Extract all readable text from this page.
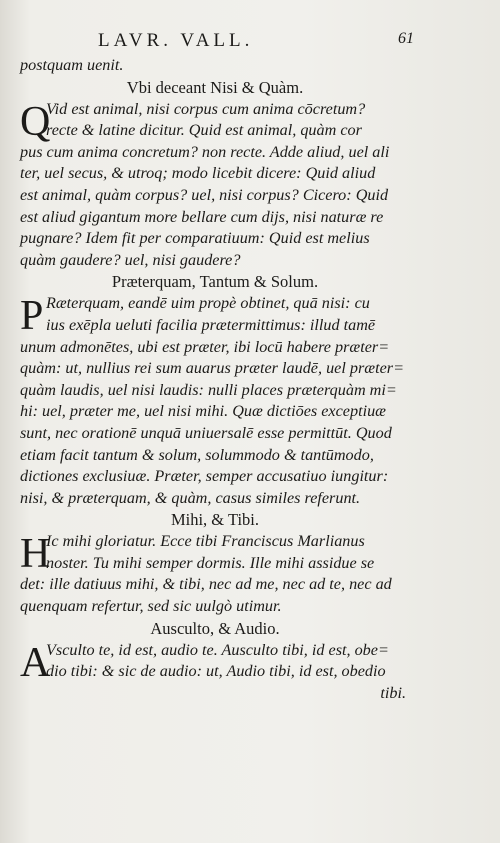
LAVR. VALL.	61
postquam uenit.
Vbi deceant Nisi & Quàm.
Q
Vid est animal, nisi corpus cum anima cōcretum?
recte & latine dicitur. Quid est animal, quàm cor
pus cum anima concretum? non recte. Adde aliud, uel ali
ter, uel secus, & utroq; modo licebit dicere: Quid aliud
est animal, quàm corpus? uel, nisi corpus? Cicero: Quid
est aliud gigantum more bellare cum dijs, nisi naturæ re
pugnare? Idem fit per comparatiuum: Quid est melius
quàm gaudere? uel, nisi gaudere?
Præterquam, Tantum & Solum.
P Ræterquam, eandē uim propè obtinet, quā nisi: cu
ius exēpla ueluti facilia prætermittimus: illud tamē
unum admonētes, ubi est præter, ibi locū habere præter=
quàm: ut, nullius rei sum auarus præter laudē, uel præter=
quàm laudis, uel nisi laudis: nulli places præterquàm mi=
hi: uel, præter me, uel nisi mihi. Quæ dictiōes exceptiuæ
sunt, nec orationē unquā uniuersalē esse permittūt. Quod
etiam facit tantum & solum, solummodo & tantūmodo,
dictiones exclusiuæ. Præter, semper accusatiuo iungitur:
nisi, & præterquam, & quàm, casus similes referunt.
Mihi, & Tibi.
H
Ic mihi gloriatur. Ecce tibi Franciscus Marlianus
noster. Tu mihi semper dormis. Ille mihi assidue se
det: ille datiuus mihi, & tibi, nec ad me, nec ad te, nec ad
quenquam refertur, sed sic uulgò utimur.
Ausculto, & Audio.
A
Vsculto te, id est, audio te. Ausculto tibi, id est, obe=
dio tibi: & sic de audio: ut, Audio tibi, id est, obedio
tibi.
